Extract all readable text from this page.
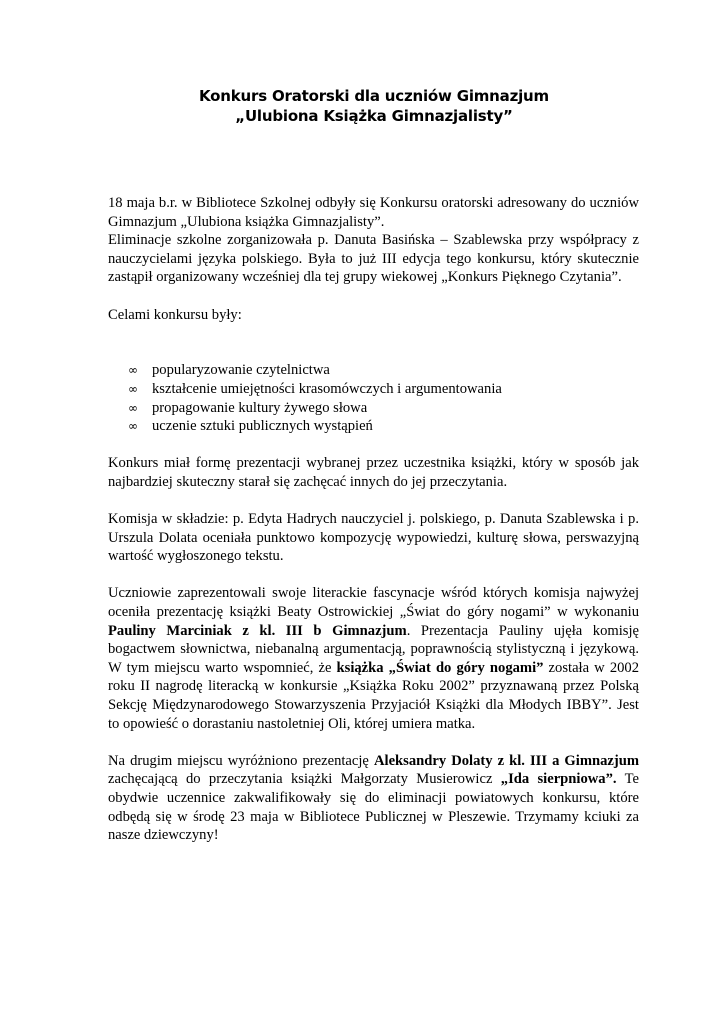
Konkurs Oratorski dla uczniów Gimnazjum
„Ulubiona Książka Gimnazjalisty”

18 maja b.r. w Bibliotece Szkolnej odbyły się Konkursu oratorski adresowany do uczniów Gimnazjum „Ulubiona książka Gimnazjalisty”.

Eliminacje szkolne zorganizowała p. Danuta Basińska – Szablewska przy współpracy z nauczycielami języka polskiego. Była to już III edycja tego konkursu, który skutecznie zastąpił organizowany wcześniej dla tej grupy wiekowej „Konkurs Pięknego Czytania”.

Celami konkursu były:

∞ popularyzowanie czytelnictwa
∞ kształcenie umiejętności krasomówczych i argumentowania
∞ propagowanie kultury żywego słowa
∞ uczenie sztuki publicznych wystąpień

Konkurs miał formę prezentacji wybranej przez uczestnika książki, który w sposób jak najbardziej skuteczny starał się zachęcać innych do jej przeczytania.

Komisja w składzie: p. Edyta Hadrych nauczyciel j. polskiego, p. Danuta Szablewska i p. Urszula Dolata oceniała punktowo kompozycję wypowiedzi, kulturę słowa, perswazyjną wartość wygłoszonego tekstu.

Uczniowie zaprezentowali swoje literackie fascynacje wśród których komisja najwyżej oceniła prezentację książki Beaty Ostrowickiej „Świat do góry nogami” w wykonaniu Pauliny Marciniak z kl. III b Gimnazjum. Prezentacja Pauliny ujęła komisję bogactwem słownictwa, niebanalną argumentacją, poprawnością stylistyczną i językową. W tym miejscu warto wspomnieć, że książka „Świat do góry nogami” została w 2002 roku II nagrodę literacką w konkursie „Książka Roku 2002” przyznawaną przez Polską Sekcję Międzynarodowego Stowarzyszenia Przyjaciół Książki dla Młodych IBBY”. Jest to opowieść o dorastaniu nastoletniej Oli, której umiera matka.

Na drugim miejscu wyróżniono prezentację Aleksandry Dolaty z kl. III a Gimnazjum zachęcającą do przeczytania książki Małgorzaty Musierowicz „Ida sierpniowa”. Te obydwie uczennice zakwalifikowały się do eliminacji powiatowych konkursu, które odbędą się w środę 23 maja w Bibliotece Publicznej w Pleszewie. Trzymamy kciuki za nasze dziewczyny!
